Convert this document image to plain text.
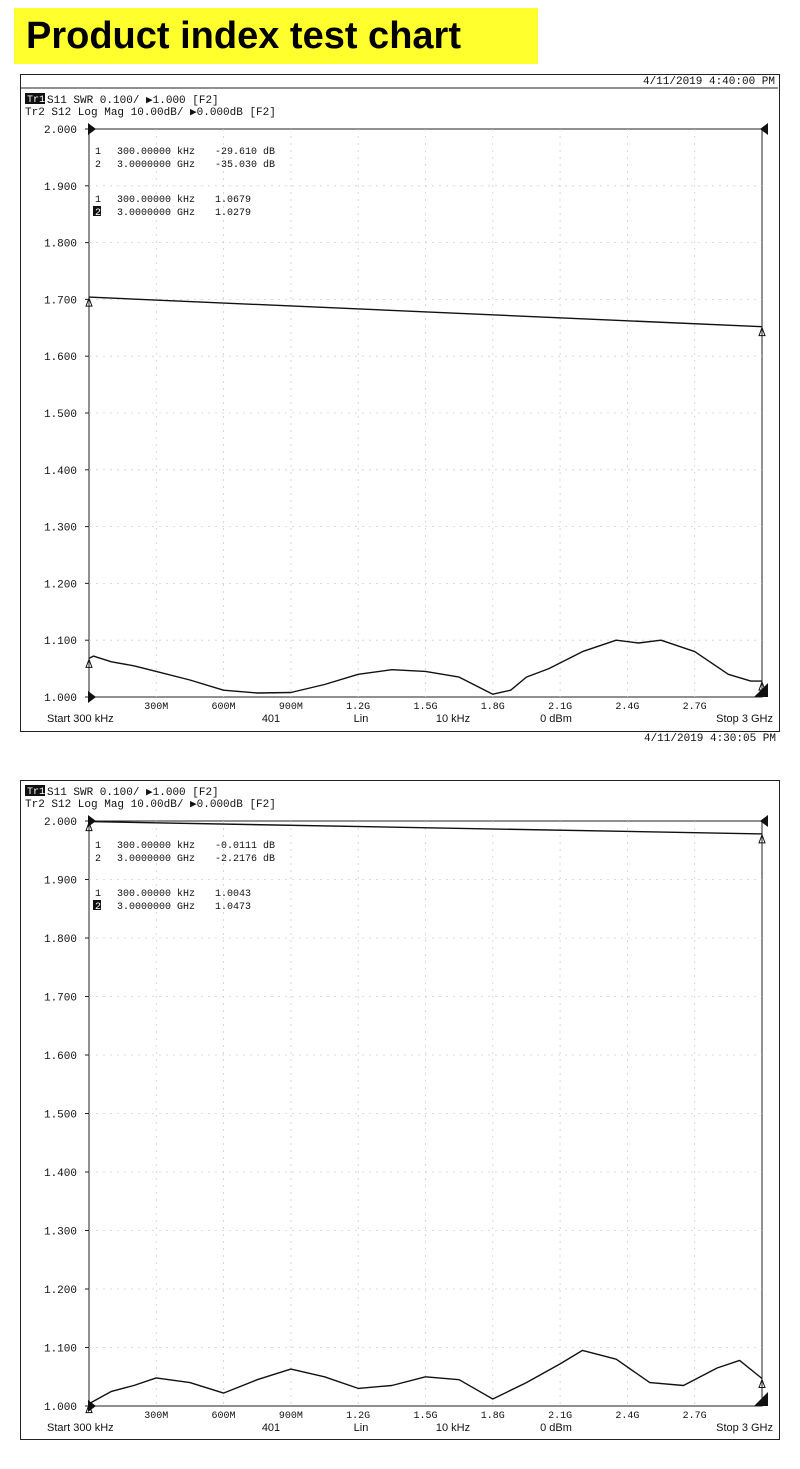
Product index test chart
4/11/2019 4:40:00 PM
Tr1 S11 SWR 0.100/ ▶1.000 [F2]
Tr2 S12 Log Mag 10.00dB/ ▶0.000dB [F2]
2.000
1.900
1.800
1.700
1.600
1.500
1.400
1.300
1.200
1.100
1.000
300M	600M	900M	1.2G	1.5G	1.8G	2.1G	2.4G	2.7G
Start 300 kHz	401	Lin	10 kHz	0 dBm	Stop 3 GHz
1 300.00000 kHz -29.610 dB
2 3.0000000 GHz -35.030 dB
1 300.00000 kHz 1.0679
2 3.0000000 GHz 1.0279
4/11/2019 4:30:05 PM
Tr1 S11 SWR 0.100/ ▶1.000 [F2]
Tr2 S12 Log Mag 10.00dB/ ▶0.000dB [F2]
2.000
1.900
1.800
1.700
1.600
1.500
1.400
1.300
1.200
1.100
1.000
300M	600M	900M	1.2G	1.5G	1.8G	2.1G	2.4G	2.7G
Start 300 kHz	401	Lin	10 kHz	0 dBm	Stop 3 GHz
1 300.00000 kHz -0.0111 dB
2 3.0000000 GHz -2.2176 dB
1 300.00000 kHz 1.0043
2 3.0000000 GHz 1.0473
